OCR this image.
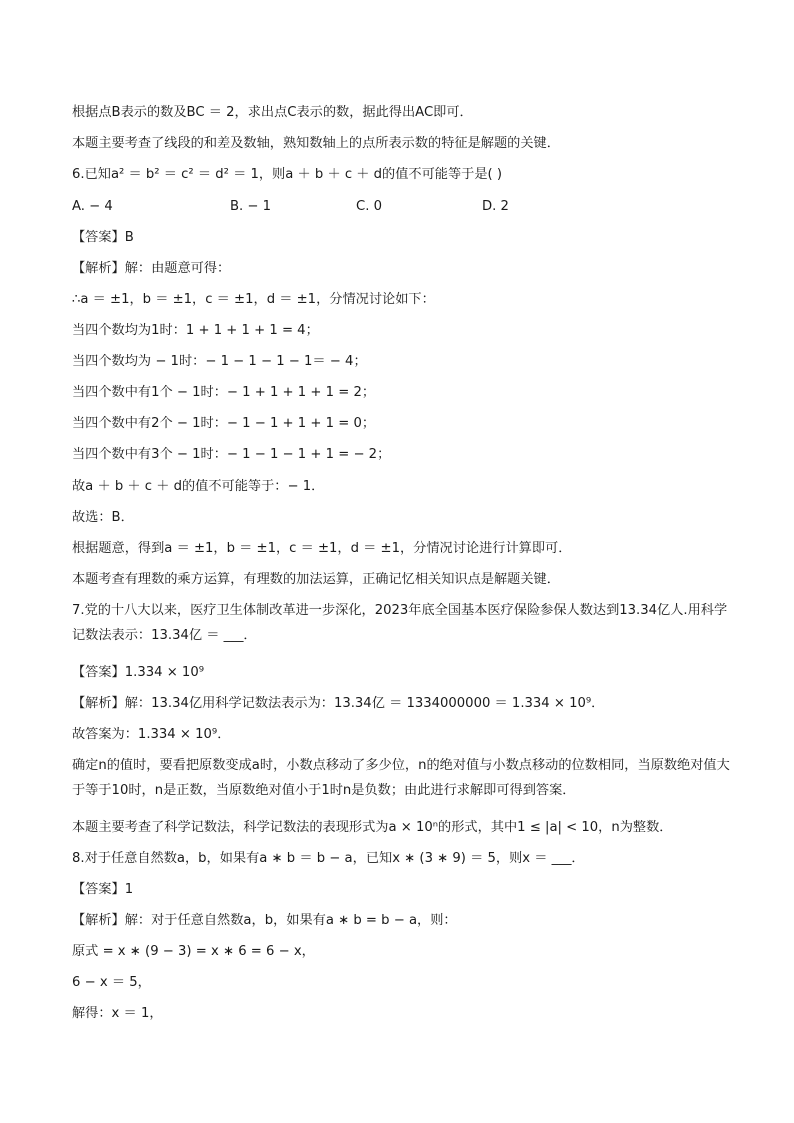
根据点B表示的数及BC ＝ 2，求出点C表示的数，据此得出AC即可．
本题主要考查了线段的和差及数轴，熟知数轴上的点所表示数的特征是解题的关键．
6.已知a² ＝ b² ＝ c² ＝ d² ＝ 1，则a ＋ b ＋ c ＋ d的值不可能等于是( )
A. − 4	B. − 1	C. 0	D. 2
【答案】B
【解析】解：由题意可得：
∴a ＝ ±1，b ＝ ±1，c ＝ ±1，d ＝ ±1，分情况讨论如下：
当四个数均为1时：1 + 1 + 1 + 1 = 4；
当四个数均为 − 1时：− 1 − 1 − 1 − 1＝ − 4；
当四个数中有1个 − 1时：− 1 + 1 + 1 + 1 = 2；
当四个数中有2个 − 1时：− 1 − 1 + 1 + 1 = 0；
当四个数中有3个 − 1时：− 1 − 1 − 1 + 1 = − 2；
故a ＋ b ＋ c ＋ d的值不可能等于：− 1．
故选：B．
根据题意，得到a ＝ ±1，b ＝ ±1，c ＝ ±1，d ＝ ±1，分情况讨论进行计算即可．
本题考查有理数的乘方运算，有理数的加法运算，正确记忆相关知识点是解题关键．
7.党的十八大以来，医疗卫生体制改革进一步深化，2023年底全国基本医疗保险参保人数达到13.34亿人.用科学记数法表示：13.34亿 ＝ ___．
【答案】1.334 × 10⁹
【解析】解：13.34亿用科学记数法表示为：13.34亿 ＝ 1334000000 ＝ 1.334 × 10⁹．
故答案为：1.334 × 10⁹．
确定n的值时，要看把原数变成a时，小数点移动了多少位，n的绝对值与小数点移动的位数相同，当原数绝对值大于等于10时，n是正数，当原数绝对值小于1时n是负数；由此进行求解即可得到答案．
本题主要考查了科学记数法，科学记数法的表现形式为a × 10ⁿ的形式，其中1 ≤ |a| < 10，n为整数．
8.对于任意自然数a，b，如果有a ∗ b ＝ b − a，已知x ∗ (3 ∗ 9) ＝ 5，则x ＝ ___．
【答案】1
【解析】解：对于任意自然数a，b，如果有a ∗ b = b − a，则：
原式 = x ∗ (9 − 3) = x ∗ 6 = 6 − x，
6 − x ＝ 5，
解得：x ＝ 1，
